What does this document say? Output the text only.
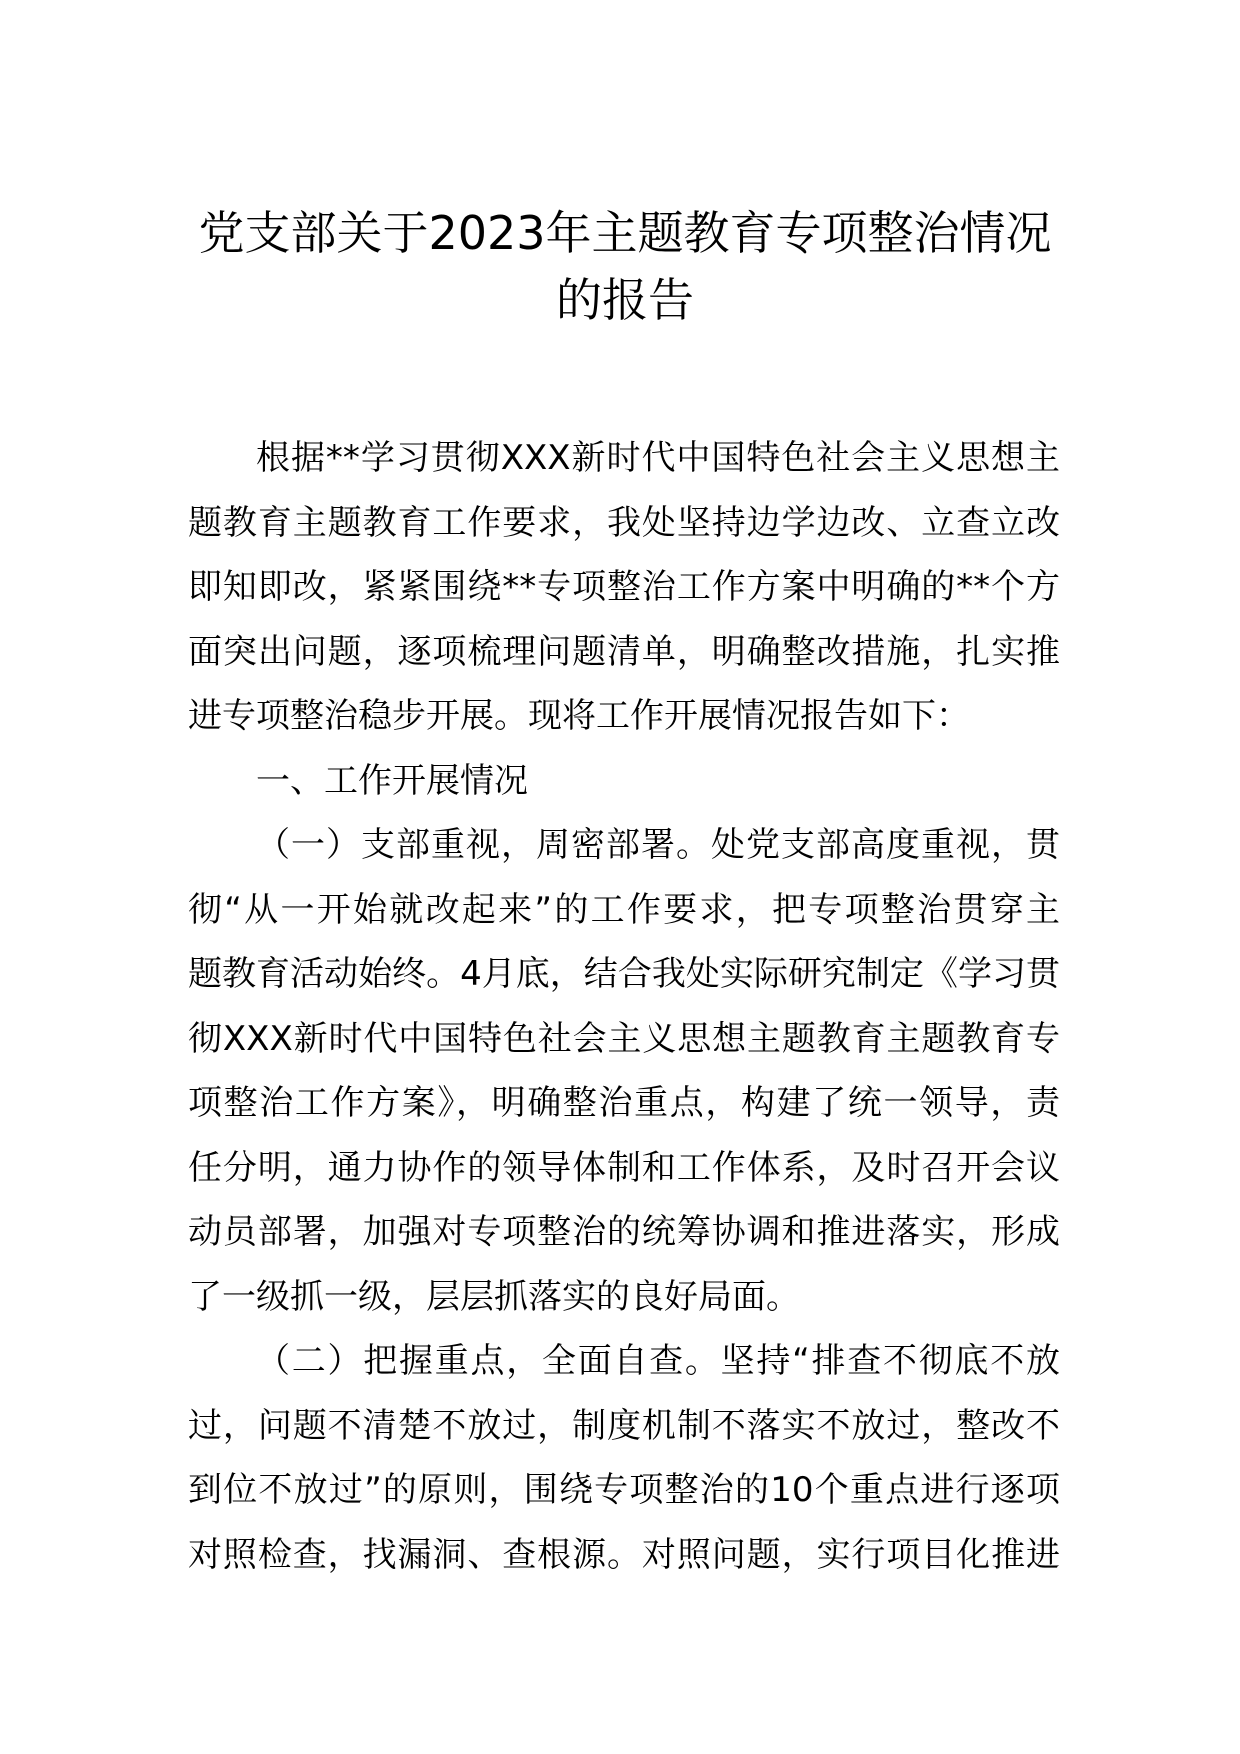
党支部关于2023年主题教育专项整治情况
的报告
根据**学习贯彻XXX新时代中国特色社会主义思想主
题教育主题教育工作要求，我处坚持边学边改、立查立改
即知即改，紧紧围绕**专项整治工作方案中明确的**个方
面突出问题，逐项梳理问题清单，明确整改措施，扎实推
进专项整治稳步开展。现将工作开展情况报告如下：
一、工作开展情况
（一）支部重视，周密部署。处党支部高度重视，贯
彻“从一开始就改起来”的工作要求，把专项整治贯穿主
题教育活动始终。4月底，结合我处实际研究制定《学习贯
彻XXX新时代中国特色社会主义思想主题教育主题教育专
项整治工作方案》，明确整治重点，构建了统一领导，责
任分明，通力协作的领导体制和工作体系，及时召开会议
动员部署，加强对专项整治的统筹协调和推进落实，形成
了一级抓一级，层层抓落实的良好局面。
（二）把握重点，全面自查。坚持“排查不彻底不放
过，问题不清楚不放过，制度机制不落实不放过，整改不
到位不放过”的原则，围绕专项整治的10个重点进行逐项
对照检查，找漏洞、查根源。对照问题，实行项目化推进
